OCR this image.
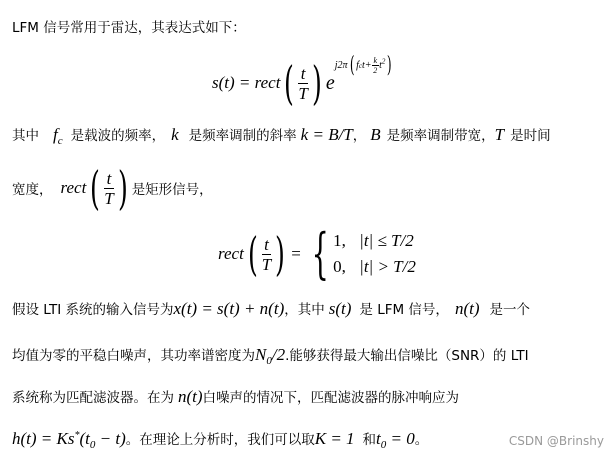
LFM 信号常用于雷达，其表达式如下：
s(t) = rect ( $\frac{t}{T}$ ) e
j2π( $fct+ \frac{k}{2} t^2$)
其中 $f_c$ 是载波的频率， k 是频率调制的斜率 k = B/T ， B 是频率调制带宽， T 是时间
宽度， rect ( $\frac{t}{T}$ ) 是矩形信号，
rect ( $\frac{t}{T}$ ) = { 1, |t| ≤ T/2
0, |t| > T/2
假设 LTI 系统的输入信号为 x(t) = s(t) + n(t) ，其中 s(t) 是 LFM 信号， n(t) 是一个
均值为零的平稳白噪声，其功率谱密度为 $N_0$ /2 .能够获得最大输出信噪比（SNR）的 LTI
系统称为匹配滤波器。在为 n(t) 白噪声的情况下，匹配滤波器的脉冲响应为
$h(t) = Ks^*(t_0 - t)$ 。在理论上分析时，我们可以取 K = 1 和 $t_0 = 0$ 。	CSDN @Brinshy
